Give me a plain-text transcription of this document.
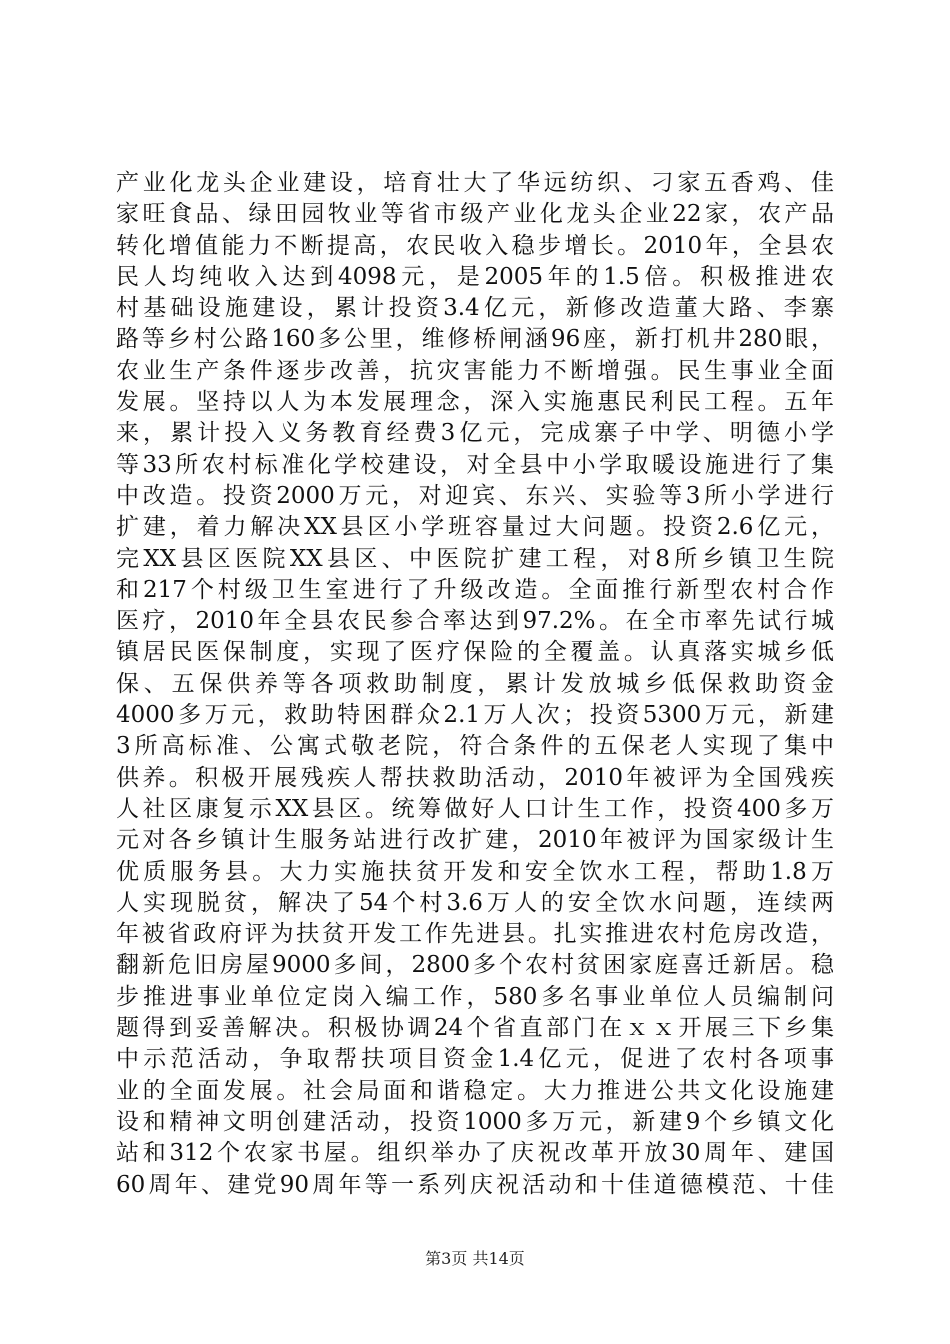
产业化龙头企业建设，培育壮大了华远纺织、刁家五香鸡、佳
家旺食品、绿田园牧业等省市级产业化龙头企业22家，农产品
转化增值能力不断提高，农民收入稳步增长。2010年，全县农
民人均纯收入达到4098元，是2005年的1.5倍。积极推进农
村基础设施建设，累计投资3.4亿元，新修改造董大路、李寨
路等乡村公路160多公里，维修桥闸涵96座，新打机井280眼，
农业生产条件逐步改善，抗灾害能力不断增强。民生事业全面
发展。坚持以人为本发展理念，深入实施惠民利民工程。五年
来，累计投入义务教育经费3亿元，完成寨子中学、明德小学
等33所农村标准化学校建设，对全县中小学取暖设施进行了集
中改造。投资2000万元，对迎宾、东兴、实验等3所小学进行
扩建，着力解决XX县区小学班容量过大问题。投资2.6亿元，
完XX县区医院XX县区、中医院扩建工程，对8所乡镇卫生院
和217个村级卫生室进行了升级改造。全面推行新型农村合作
医疗，2010年全县农民参合率达到97.2%。在全市率先试行城
镇居民医保制度，实现了医疗保险的全覆盖。认真落实城乡低
保、五保供养等各项救助制度，累计发放城乡低保救助资金
4000多万元，救助特困群众2.1万人次；投资5300万元，新建
3所高标准、公寓式敬老院，符合条件的五保老人实现了集中
供养。积极开展残疾人帮扶救助活动，2010年被评为全国残疾
人社区康复示XX县区。统筹做好人口计生工作，投资400多万
元对各乡镇计生服务站进行改扩建，2010年被评为国家级计生
优质服务县。大力实施扶贫开发和安全饮水工程，帮助1.8万
人实现脱贫，解决了54个村3.6万人的安全饮水问题，连续两
年被省政府评为扶贫开发工作先进县。扎实推进农村危房改造，
翻新危旧房屋9000多间，2800多个农村贫困家庭喜迁新居。稳
步推进事业单位定岗入编工作，580多名事业单位人员编制问
题得到妥善解决。积极协调24个省直部门在ｘｘ开展三下乡集
中示范活动，争取帮扶项目资金1.4亿元，促进了农村各项事
业的全面发展。社会局面和谐稳定。大力推进公共文化设施建
设和精神文明创建活动，投资1000多万元，新建9个乡镇文化
站和312个农家书屋。组织举办了庆祝改革开放30周年、建国
60周年、建党90周年等一系列庆祝活动和十佳道德模范、十佳
第3页 共14页
